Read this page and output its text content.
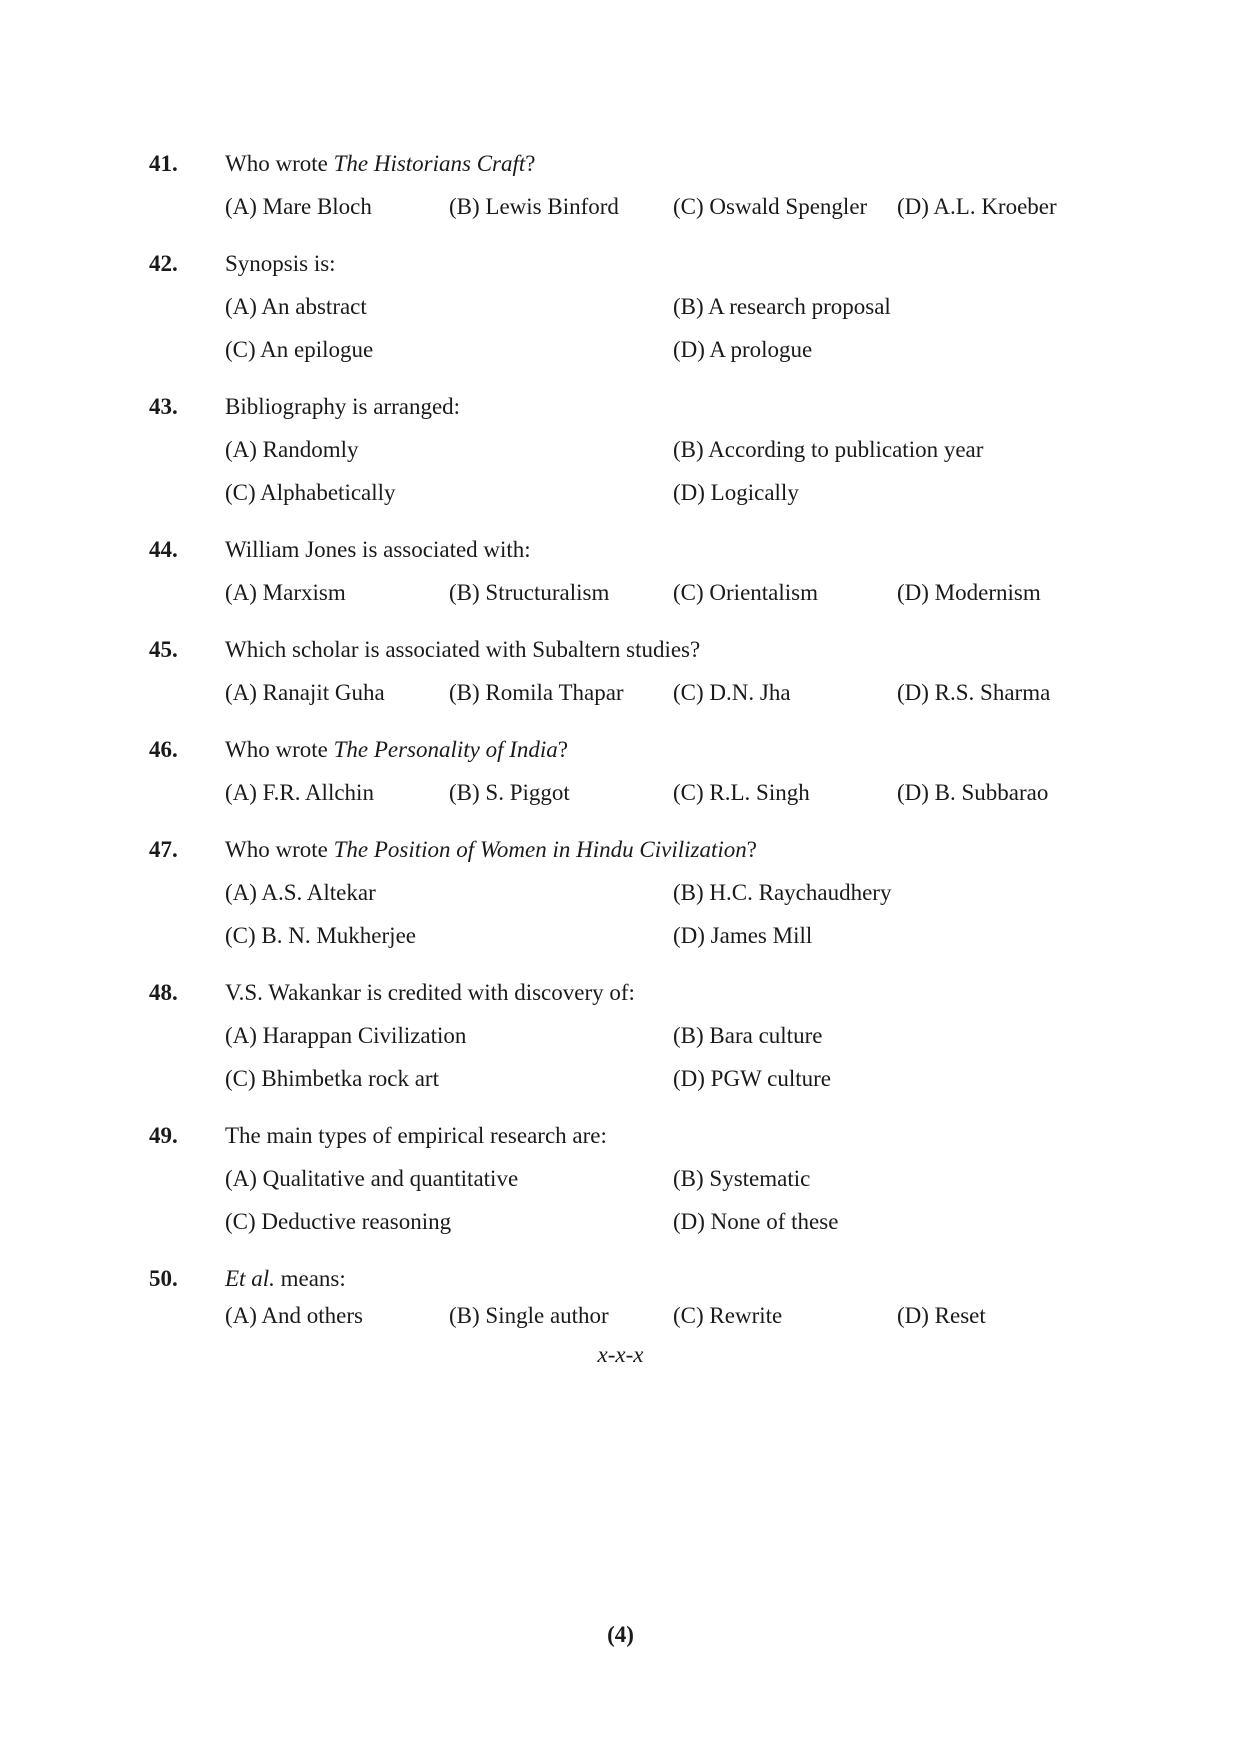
41. Who wrote The Historians Craft?
(A) Mare Bloch	(B) Lewis Binford (C) Oswald Spengler (D) A.L. Kroeber
42. Synopsis is:
(A) An abstract	(B) A research proposal
(C) An epilogue	(D) A prologue
43. Bibliography is arranged:
(A) Randomly	(B) According to publication year
(C) Alphabetically	(D) Logically
44. William Jones is associated with:
(A) Marxism	(B) Structuralism	(C) Orientalism	(D) Modernism
45. Which scholar is associated with Subaltern studies?
(A) Ranajit Guha	(B) Romila Thapar (C) D.N. Jha	(D) R.S. Sharma
46. Who wrote The Personality of India?
(A) F.R. Allchin	(B) S. Piggot	(C) R.L. Singh	(D) B. Subbarao
47. Who wrote The Position of Women in Hindu Civilization?
(A) A.S. Altekar	(B) H.C. Raychaudhery
(C) B. N. Mukherjee	(D) James Mill
48. V.S. Wakankar is credited with discovery of:
(A) Harappan Civilization	(B) Bara culture
(C) Bhimbetka rock art	(D) PGW culture
49. The main types of empirical research are:
(A) Qualitative and quantitative	(B) Systematic
(C) Deductive reasoning	(D) None of these
50. Et al. means:
(A) And others	(B) Single author	(C) Rewrite	(D) Reset
x-x-x
(4)
